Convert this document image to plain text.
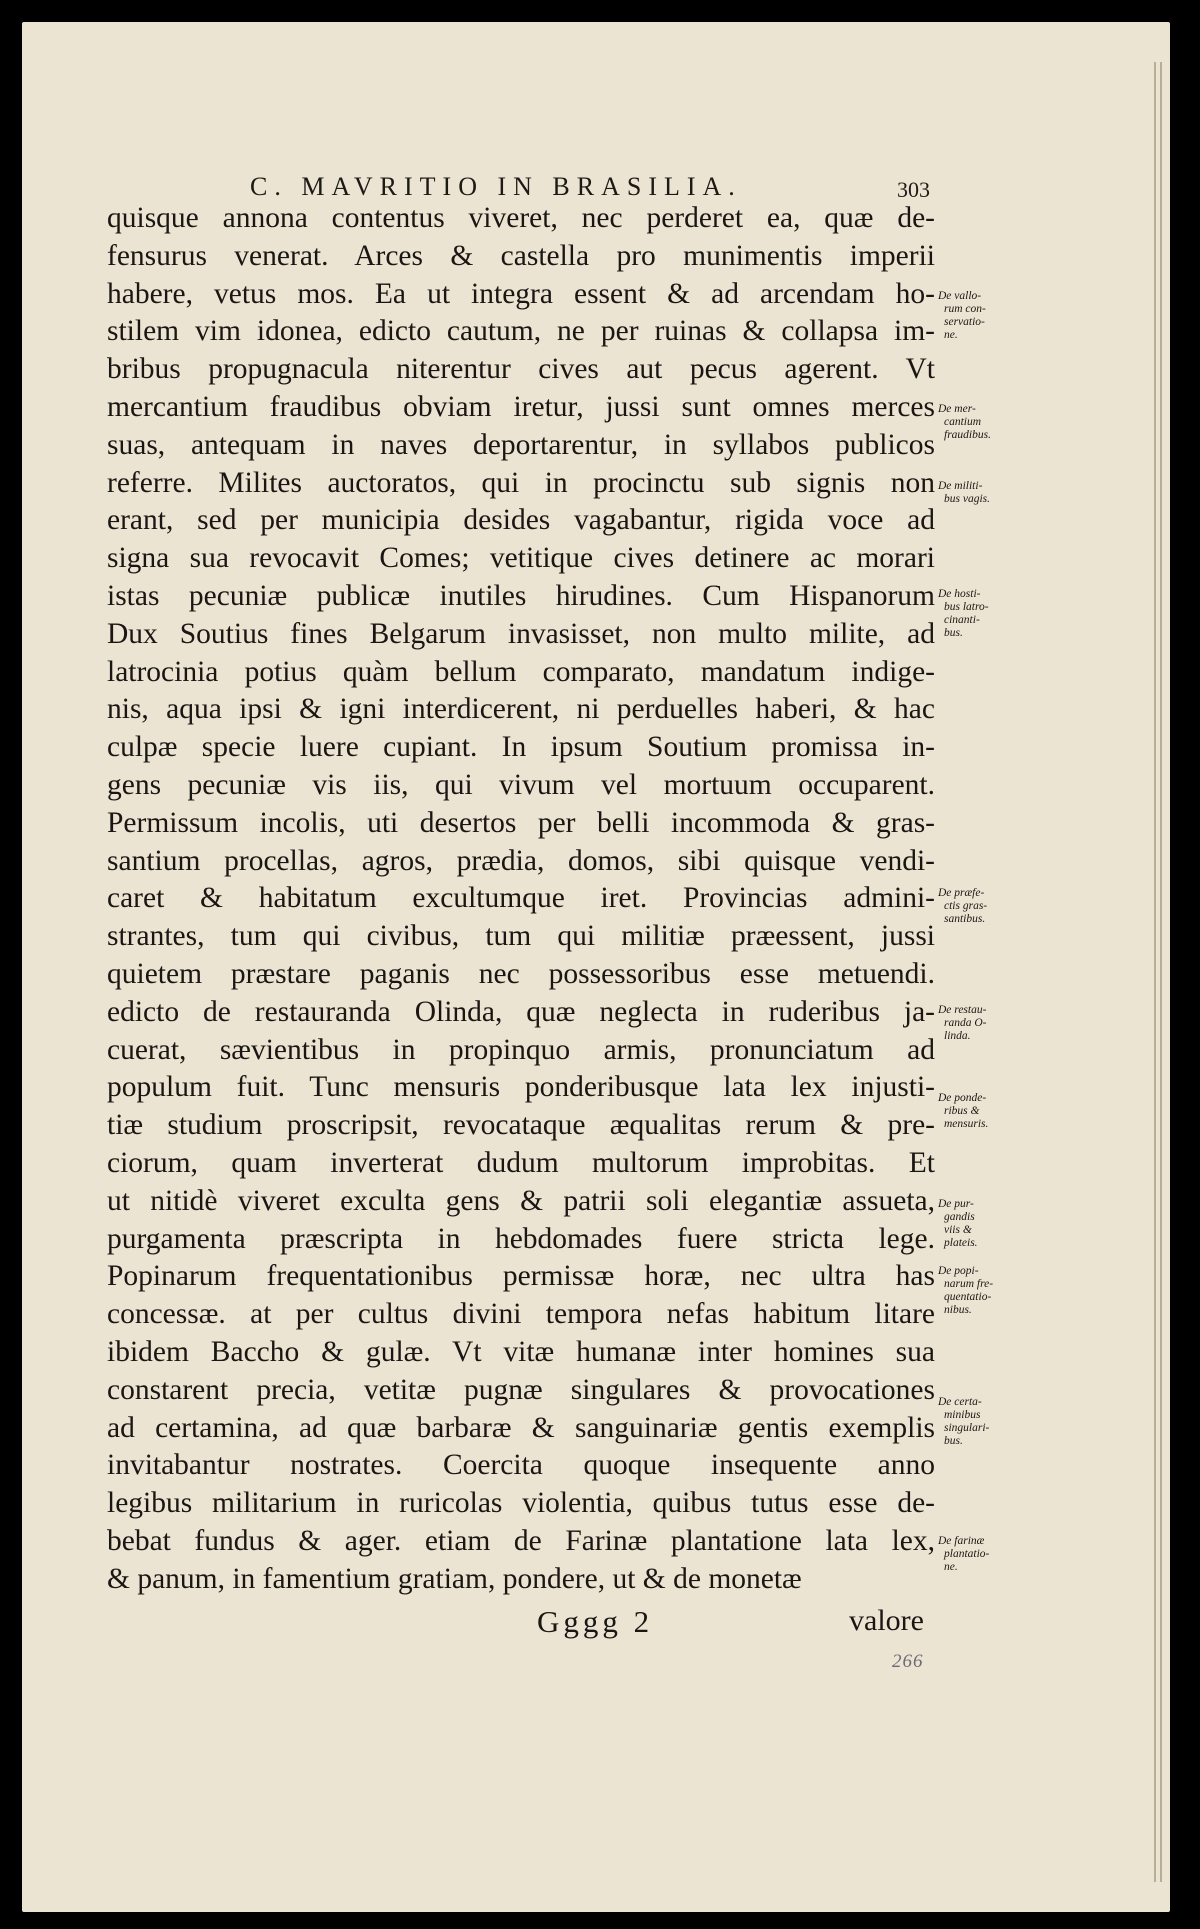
C. MAVRITIO IN BRASILIA.	303
quisque annona contentus viveret, nec perderet ea, quæ de-
fensurus venerat. Arces & castella pro munimentis imperii
habere, vetus mos. Ea ut integra essent & ad arcendam ho-
stilem vim idonea, edicto cautum, ne per ruinas & collapsa im-
bribus propugnacula niterentur cives aut pecus agerent. Vt
mercantium fraudibus obviam iretur, jussi sunt omnes merces
suas, antequam in naves deportarentur, in syllabos publicos
referre. Milites auctoratos, qui in procinctu sub signis non
erant, sed per municipia desides vagabantur, rigida voce ad
signa sua revocavit Comes; vetitique cives detinere ac morari
istas pecuniæ publicæ inutiles hirudines. Cum Hispanorum
Dux Soutius fines Belgarum invasisset, non multo milite, ad
latrocinia potius quàm bellum comparato, mandatum indige-
nis, aqua ipsi & igni interdicerent, ni perduelles haberi, & hac
culpæ specie luere cupiant. In ipsum Soutium promissa in-
gens pecuniæ vis iis, qui vivum vel mortuum occuparent.
Permissum incolis, uti desertos per belli incommoda & gras-
santium procellas, agros, prædia, domos, sibi quisque vendi-
caret & habitatum excultumque iret. Provincias admini-
strantes, tum qui civibus, tum qui militiæ præessent, jussi
quietem præstare paganis nec possessoribus esse metuendi.
edicto de restauranda Olinda, quæ neglecta in ruderibus ja-
cuerat, sævientibus in propinquo armis, pronunciatum ad
populum fuit. Tunc mensuris ponderibusque lata lex injusti-
tiæ studium proscripsit, revocataque æqualitas rerum & pre-
ciorum, quam inverterat dudum multorum improbitas. Et
ut nitidè viveret exculta gens & patrii soli elegantiæ assueta,
purgamenta præscripta in hebdomades fuere stricta lege.
Popinarum frequentationibus permissæ horæ, nec ultra has
concessæ. at per cultus divini tempora nefas habitum litare
ibidem Baccho & gulæ. Vt vitæ humanæ inter homines sua
constarent precia, vetitæ pugnæ singulares & provocationes
ad certamina, ad quæ barbaræ & sanguinariæ gentis exemplis
invitabantur nostrates. Coercita quoque insequente anno
legibus militarium in ruricolas violentia, quibus tutus esse de-
bebat fundus & ager. etiam de Farinæ plantatione lata lex,
& panum, in famentium gratiam, pondere, ut & de monetæ
De vallo-
rum con-
servatio-
ne.
De mer-
cantium
fraudibus.
De militi-
bus vagis.
De hosti-
bus latro-
cinanti-
bus.
De præfe-
ctis gras-
santibus.
De restau-
randa O-
linda.
De ponde-
ribus &
mensuris.
De pur-
gandis
viis &
plateis.
De popi-
narum fre-
quentatio-
nibus.
De certa-
minibus
singulari-
bus.
De farinæ
plantatio-
ne.
Gggg 2	valore
266
